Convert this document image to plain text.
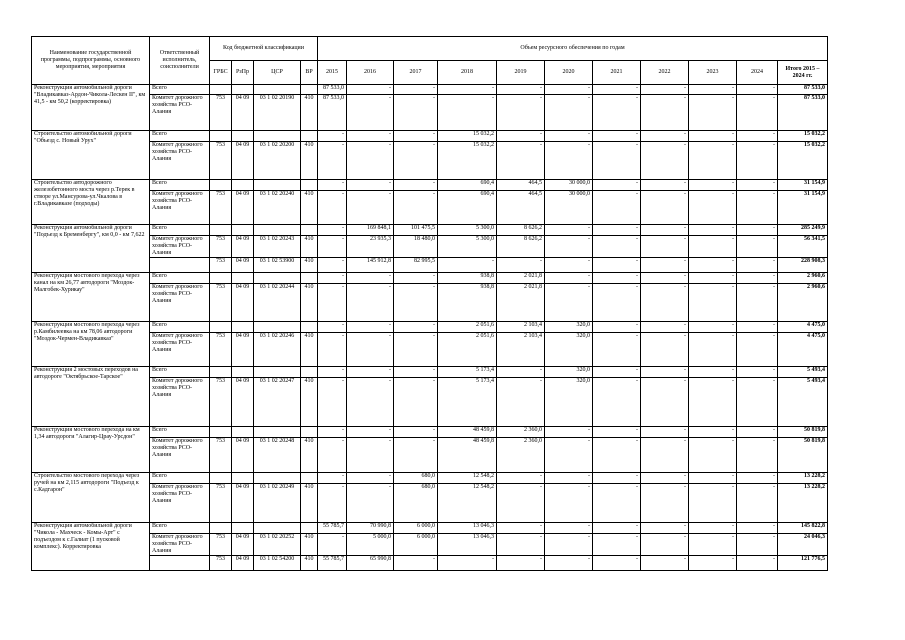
Наименование государственной программы, подпрограммы, основного мероприятия, мероприятия	Ответственный исполнитель, соисполнители	Код бюджетной классификации				Объем ресурсного обеспечения по годам										
		ГРБС	РзПр	ЦСР	ВР	2015	2016	2017	2018	2019	2020	2021	2022	2023	2024	Итого 2015 – 2024 гг.
Реконструкция автомобильной дороги "Владикавказ-Ардон-Чикола-Лескен II", км 41,5 - км 50,2 (корректировка)	Всего					87 533,0	-	-	-	-	-	-	-	-	-	87 533,0
	Комитет дорожного хозяйства РСО-Алания	753	04 09	03 1 02 20190	410	87 533,0	-	-	-	-	-	-	-	-	-	87 533,0
Строительство автомобильной дороги "Объезд с. Новый Урух"	Всего					-	-	-	15 032,2	-	-	-	-	-	-	15 032,2
	Комитет дорожного хозяйства РСО-Алания	753	04 09	03 1 02 20200	410	-	-	-	15 032,2	-	-	-	-	-	-	15 032,2
Строительство автодорожного железобетонного моста через р.Терек в створе ул.Мансурова-ул.Чкалова в г.Владикавказе (подходы)	Всего					-	-	-	690,4	464,5	30 000,0	-	-	-	-	31 154,9
	Комитет дорожного хозяйства РСО-Алания	753	04 09	03 1 02 20240	410	-	-	-	690,4	464,5	30 000,0	-	-	-	-	31 154,9
Реконструкция автомобильной дороги "Подъезд к Бременбергу", км 0,0 - км 7,622	Всего					-	169 848,1	101 475,5	5 300,0	8 626,2	-	-	-	-	-	285 249,9
	Комитет дорожного хозяйства РСО-Алания	753	04 09	03 1 02 20243	410	-	23 935,3	18 480,0	5 300,0	8 626,2	-	-	-	-	-	56 341,5
		753	04 09	03 1 02 53900	410	-	145 912,8	82 995,5	-	-	-	-	-	-	-	228 908,3
Реконструкция мостового перехода через канал на км 26,77 автодороги "Моздок-Малгобек-Хурикау"	Всего					-	-	-	938,8	2 021,8	-	-	-	-	-	2 960,6
	Комитет дорожного хозяйства РСО-Алания	753	04 09	03 1 02 20244	410	-	-	-	938,8	2 021,8	-	-	-	-	-	2 960,6
Реконструкция мостового перехода через р.Камбилеевка на км 78,06 автодороги "Моздок-Чермен-Владикавказ"	Всего					-	-	-	2 051,6	2 103,4	320,0	-	-	-	-	4 475,0
	Комитет дорожного хозяйства РСО-Алания	753	04 09	03 1 02 20246	410	-	-	-	2 051,6	2 103,4	320,0	-	-	-	-	4 475,0
Реконструкция 2 мостовых переходов на автодороге "Октябрьское-Тарское"	Всего					-	-	-	5 173,4	-	320,0	-	-	-	-	5 493,4
	Комитет дорожного хозяйства РСО-Алания	753	04 09	03 1 02 20247	410	-	-	-	5 173,4	-	320,0	-	-	-	-	5 493,4
Реконструкция мостового перехода на км 1,34 автодороги "Алагир-Црау-Урсдон"	Всего					-	-	-	48 459,8	2 360,0	-	-	-	-	-	50 819,8
	Комитет дорожного хозяйства РСО-Алания	753	04 09	03 1 02 20248	410	-	-	-	48 459,8	2 360,0	-	-	-	-	-	50 819,8
Строительство мостового перехода через ручей на км 2,115 автодороги "Подъезд к с.Кадгарон"	Всего					-	-	680,0	12 548,2	-	-	-	-	-	-	13 228,2
	Комитет дорожного хозяйства РСО-Алания	753	04 09	03 1 02 20249	410	-	-	680,0	12 548,2	-	-	-	-	-	-	13 228,2
Реконструкция автомобильной дороги "Чикола - Махческ - Комы-Арт" с подъездом к с.Галиат (1 пусковой комплекс). Корректировка	Всего					55 785,7	70 990,8	6 000,0	13 046,3	-	-	-	-	-	-	145 822,8
	Комитет дорожного хозяйства РСО-Алания	753	04 09	03 1 02 20252	410	-	5 000,0	6 000,0	13 046,3	-	-	-	-	-	-	24 046,3
		753	04 09	03 1 02 54200	410	55 785,7	65 990,8	-	-	-	-	-	-	-	-	121 776,5
